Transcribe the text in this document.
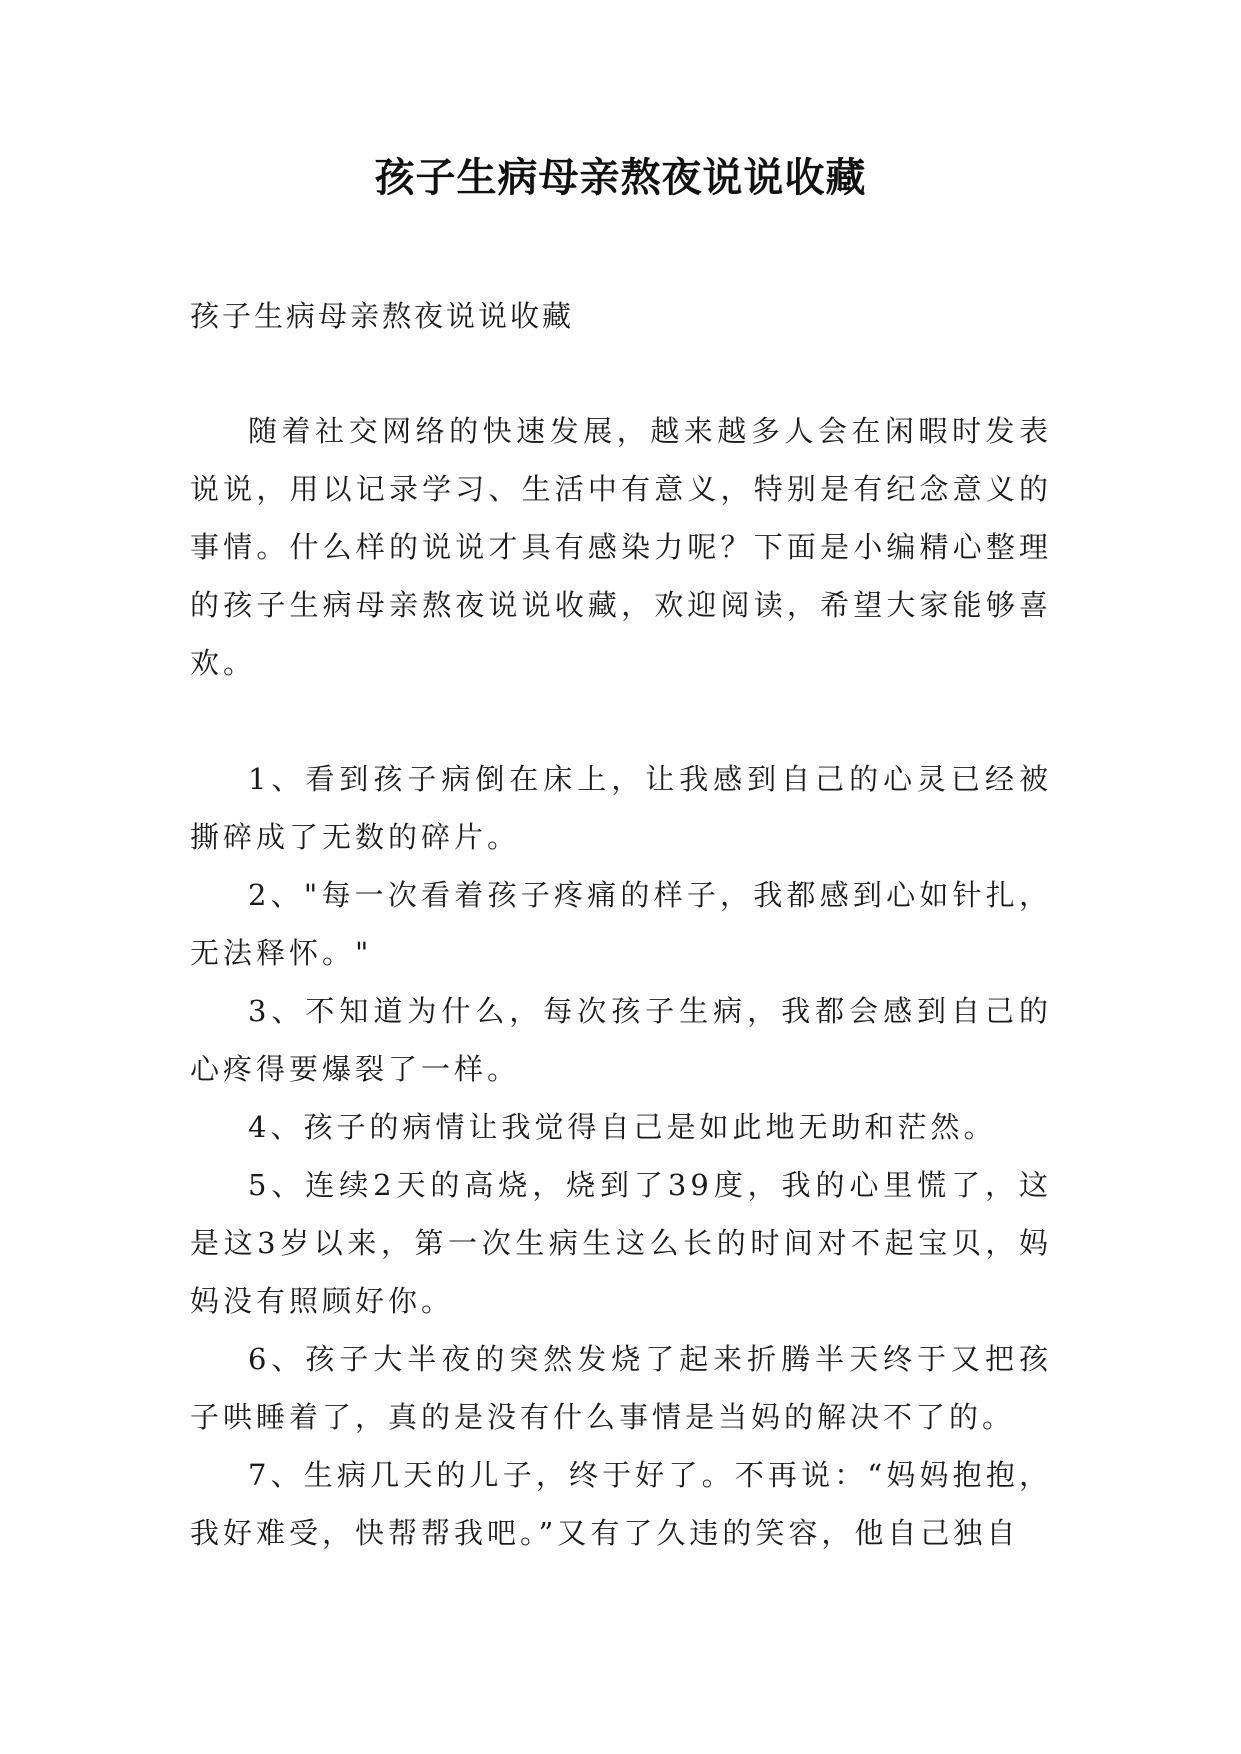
孩子生病母亲熬夜说说收藏
孩子生病母亲熬夜说说收藏

随着社交网络的快速发展，越来越多人会在闲暇时发表说说，用以记录学习、生活中有意义，特别是有纪念意义的事情。什么样的说说才具有感染力呢？下面是小编精心整理的孩子生病母亲熬夜说说收藏，欢迎阅读，希望大家能够喜欢。

1、看到孩子病倒在床上，让我感到自己的心灵已经被撕碎成了无数的碎片。

2、"每一次看着孩子疼痛的样子，我都感到心如针扎，无法释怀。"

3、不知道为什么，每次孩子生病，我都会感到自己的心疼得要爆裂了一样。

4、孩子的病情让我觉得自己是如此地无助和茫然。

5、连续2天的高烧，烧到了39度，我的心里慌了，这是这3岁以来，第一次生病生这么长的时间对不起宝贝，妈妈没有照顾好你。

6、孩子大半夜的突然发烧了起来折腾半天终于又把孩子哄睡着了，真的是没有什么事情是当妈的解决不了的。

7、生病几天的儿子，终于好了。不再说：“妈妈抱抱，我好难受，快帮帮我吧。”又有了久违的笑容，他自己独自
